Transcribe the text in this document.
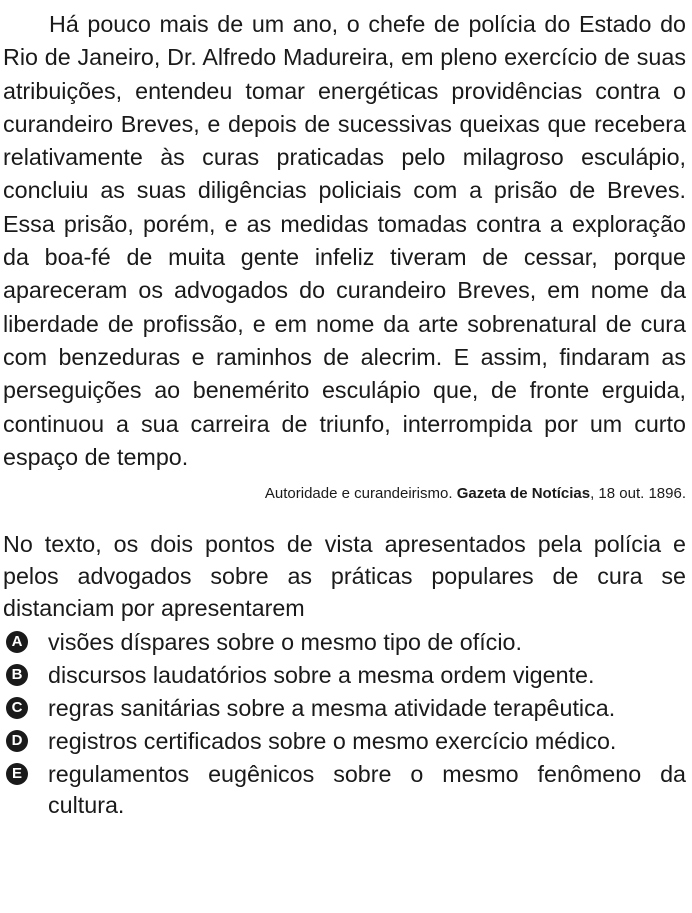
Há pouco mais de um ano, o chefe de polícia do Estado do Rio de Janeiro, Dr. Alfredo Madureira, em pleno exercício de suas atribuições, entendeu tomar energéticas providências contra o curandeiro Breves, e depois de sucessivas queixas que recebera relativamente às curas praticadas pelo milagroso esculápio, concluiu as suas diligências policiais com a prisão de Breves. Essa prisão, porém, e as medidas tomadas contra a exploração da boa-fé de muita gente infeliz tiveram de cessar, porque apareceram os advogados do curandeiro Breves, em nome da liberdade de profissão, e em nome da arte sobrenatural de cura com benzeduras e raminhos de alecrim. E assim, findaram as perseguições ao benemérito esculápio que, de fronte erguida, continuou a sua carreira de triunfo, interrompida por um curto espaço de tempo.

Autoridade e curandeirismo. Gazeta de Notícias, 18 out. 1896.

No texto, os dois pontos de vista apresentados pela polícia e pelos advogados sobre as práticas populares de cura se distanciam por apresentarem

A visões díspares sobre o mesmo tipo de ofício.
B discursos laudatórios sobre a mesma ordem vigente.
C regras sanitárias sobre a mesma atividade terapêutica.
D registros certificados sobre o mesmo exercício médico.
E regulamentos eugênicos sobre o mesmo fenômeno da cultura.
